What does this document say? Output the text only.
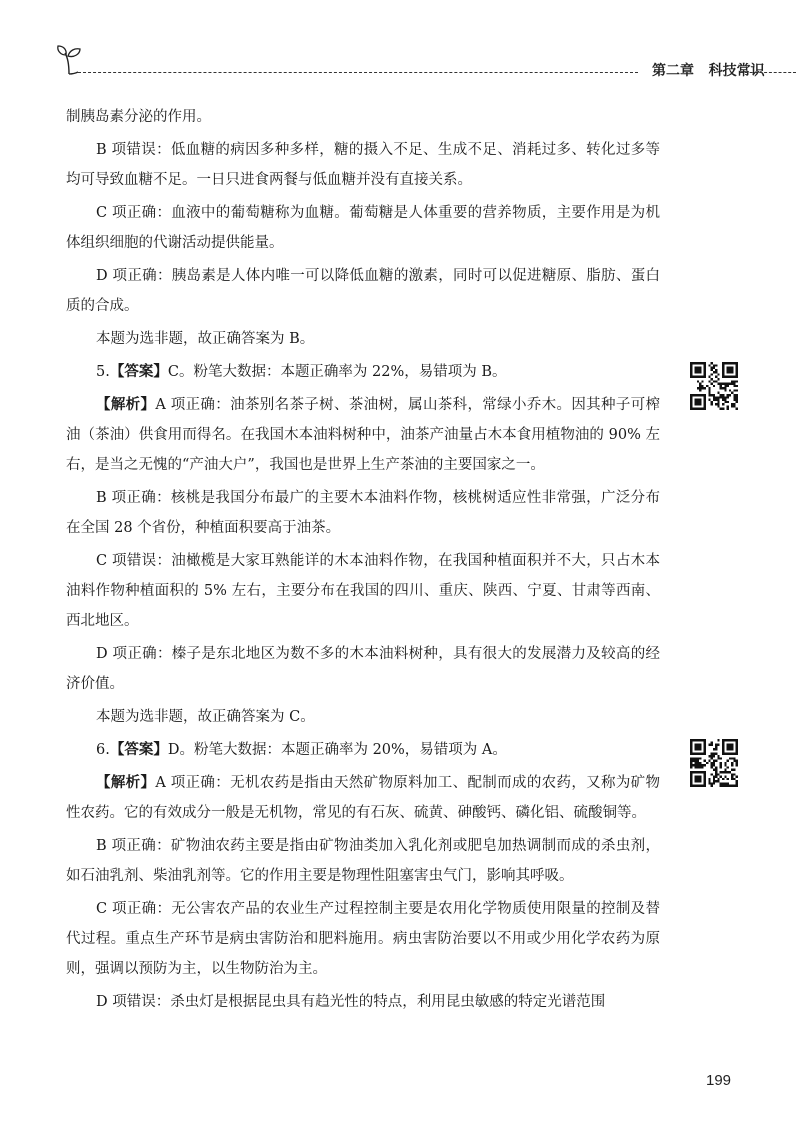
第二章 科技常识

制胰岛素分泌的作用。

B 项错误：低血糖的病因多种多样，糖的摄入不足、生成不足、消耗过多、转化过多等均可导致血糖不足。一日只进食两餐与低血糖并没有直接关系。

C 项正确：血液中的葡萄糖称为血糖。葡萄糖是人体重要的营养物质，主要作用是为机体组织细胞的代谢活动提供能量。

D 项正确：胰岛素是人体内唯一可以降低血糖的激素，同时可以促进糖原、脂肪、蛋白质的合成。

本题为选非题，故正确答案为 B。

5.【答案】C。粉笔大数据：本题正确率为 22%，易错项为 B。

【解析】A 项正确：油茶别名茶子树、茶油树，属山茶科，常绿小乔木。因其种子可榨油（茶油）供食用而得名。在我国木本油料树种中，油茶产油量占木本食用植物油的 90% 左右，是当之无愧的“产油大户”，我国也是世界上生产茶油的主要国家之一。

B 项正确：核桃是我国分布最广的主要木本油料作物，核桃树适应性非常强，广泛分布在全国 28 个省份，种植面积要高于油茶。

C 项错误：油橄榄是大家耳熟能详的木本油料作物，在我国种植面积并不大，只占木本油料作物种植面积的 5% 左右，主要分布在我国的四川、重庆、陕西、宁夏、甘肃等西南、西北地区。

D 项正确：榛子是东北地区为数不多的木本油料树种，具有很大的发展潜力及较高的经济价值。

本题为选非题，故正确答案为 C。

6.【答案】D。粉笔大数据：本题正确率为 20%，易错项为 A。

【解析】A 项正确：无机农药是指由天然矿物原料加工、配制而成的农药，又称为矿物性农药。它的有效成分一般是无机物，常见的有石灰、硫黄、砷酸钙、磷化铝、硫酸铜等。

B 项正确：矿物油农药主要是指由矿物油类加入乳化剂或肥皂加热调制而成的杀虫剂，如石油乳剂、柴油乳剂等。它的作用主要是物理性阻塞害虫气门，影响其呼吸。

C 项正确：无公害农产品的农业生产过程控制主要是农用化学物质使用限量的控制及替代过程。重点生产环节是病虫害防治和肥料施用。病虫害防治要以不用或少用化学农药为原则，强调以预防为主，以生物防治为主。

D 项错误：杀虫灯是根据昆虫具有趋光性的特点，利用昆虫敏感的特定光谱范围

199
